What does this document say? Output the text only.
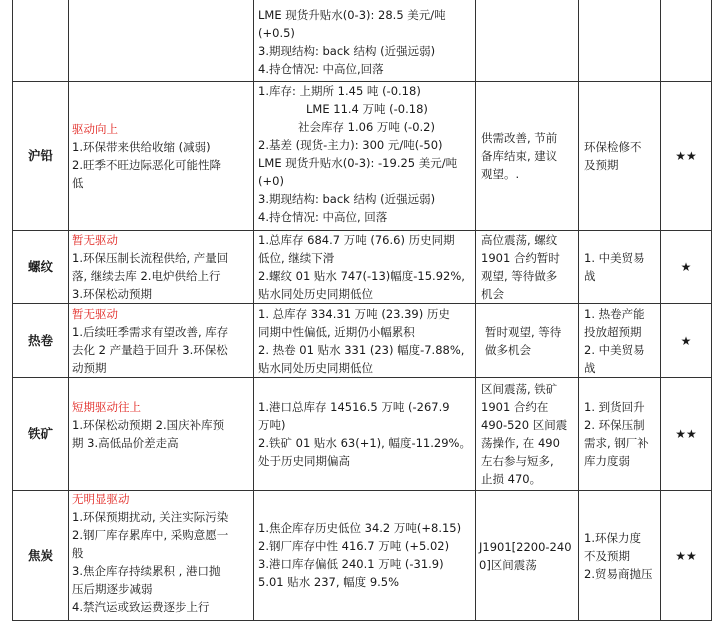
LME 现货升贴水(0-3): 28.5 美元/吨
(+0.5)
3.期现结构: back 结构 (近强远弱)
4.持仓情况: 中高位,回落
沪铅
驱动向上
1.环保带来供给收缩 (减弱)
2.旺季不旺边际恶化可能性降
低
1.库存: 上期所 1.45 吨 (-0.18)
LME 11.4 万吨 (-0.18)
社会库存 1.06 万吨 (-0.2)
2.基差 (现货-主力): 300 元/吨(-50)
LME 现货升贴水(0-3): -19.25 美元/吨
(+0)
3.期现结构: back 结构 (近强远弱)
4.持仓情况: 中高位, 回落
供需改善, 节前
备库结束, 建议
观望。.
环保检修不
及预期
★★
螺纹
暂无驱动
1.环保压制长流程供给, 产量回
落, 继续去库 2.电炉供给上行
3.环保松动预期
1.总库存 684.7 万吨 (76.6) 历史同期
低位, 继续下滑
2.螺纹 01 贴水 747(-13)幅度-15.92%,
贴水同处历史同期低位
高位震荡, 螺纹
1901 合约暂时
观望, 等待做多
机会
1. 中美贸易
战
★
热卷
暂无驱动
1.后续旺季需求有望改善, 库存
去化 2 产量趋于回升 3.环保松
动预期
1. 总库存 334.31 万吨 (23.39) 历史
同期中性偏低, 近期仍小幅累积
2. 热卷 01 贴水 331 (23) 幅度-7.88%,
贴水同处历史同期低位
暂时观望, 等待
做多机会
1. 热卷产能
投放超预期
2. 中美贸易
战
★
铁矿
短期驱动往上
1.环保松动预期 2.国庆补库预
期 3.高低品价差走高
1.港口总库存 14516.5 万吨 (-267.9
万吨)
2.铁矿 01 贴水 63(+1), 幅度-11.29%。
处于历史同期偏高
区间震荡, 铁矿
1901 合约在
490-520 区间震
荡操作, 在 490
左右参与短多,
止损 470。
1. 到货回升
2. 环保压制
需求, 钢厂补
库力度弱
★★
焦炭
无明显驱动
1.环保预期扰动, 关注实际污染
2.钢厂库存累库中, 采购意愿一
般
3.焦企库存持续累积 , 港口抛
压后期逐步减弱
4.禁汽运或致运费逐步上行
1.焦企库存历史低位 34.2 万吨(+8.15)
2.钢厂库存中性 416.7 万吨 (+5.02)
3.港口库存偏低 240.1 万吨 (-31.9)
5.01 贴水 237, 幅度 9.5%
J1901[2200-240
0]区间震荡
1.环保力度
不及预期
2.贸易商抛压
★★
